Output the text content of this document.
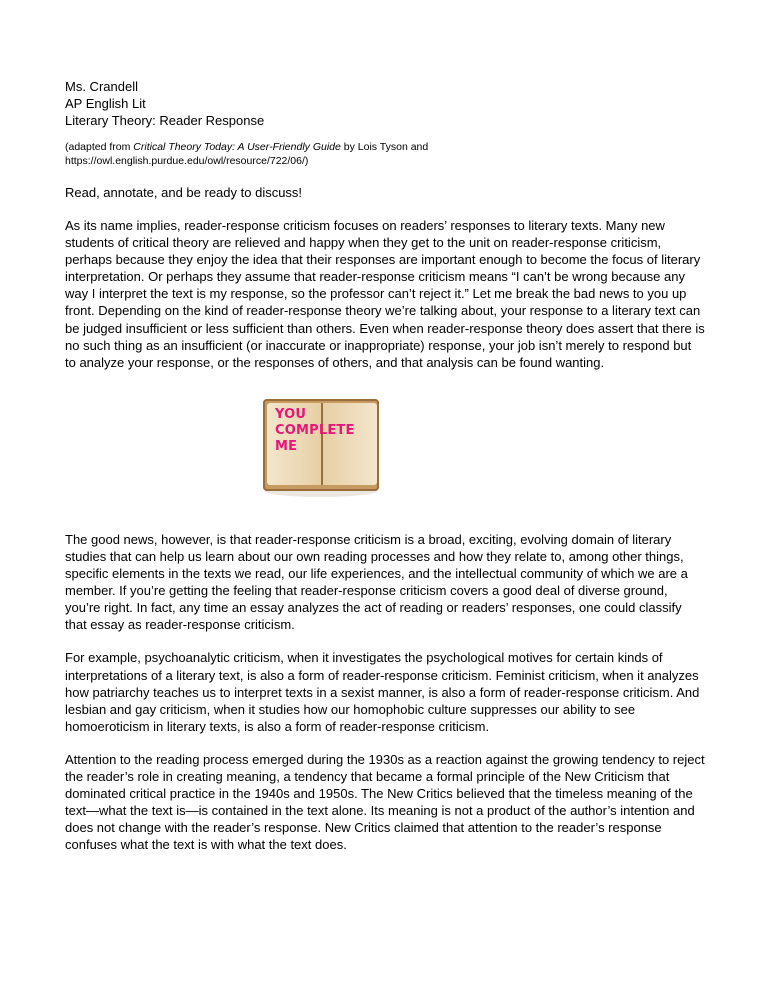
Ms. Crandell

AP English Lit

Literary Theory: Reader Response

(adapted from Critical Theory Today: A User-Friendly Guide by Lois Tyson and
https://owl.english.purdue.edu/owl/resource/722/06/)

Read, annotate, and be ready to discuss!

As its name implies, reader-response criticism focuses on readers’ responses to literary texts. Many new students of critical theory are relieved and happy when they get to the unit on reader-response criticism, perhaps because they enjoy the idea that their responses are important enough to become the focus of literary interpretation. Or perhaps they assume that reader-response criticism means “I can’t be wrong because any way I interpret the text is my response, so the professor can’t reject it.” Let me break the bad news to you up front. Depending on the kind of reader-response theory we’re talking about, your response to a literary text can be judged insufficient or less sufficient than others. Even when reader-response theory does assert that there is no such thing as an insufficient (or inaccurate or inappropriate) response, your job isn’t merely to respond but to analyze your response, or the responses of others, and that analysis can be found wanting.

YOU
COMPLETE
ME

The good news, however, is that reader-response criticism is a broad, exciting, evolving domain of literary studies that can help us learn about our own reading processes and how they relate to, among other things, specific elements in the texts we read, our life experiences, and the intellectual community of which we are a member. If you’re getting the feeling that reader-response criticism covers a good deal of diverse ground, you’re right. In fact, any time an essay analyzes the act of reading or readers’ responses, one could classify that essay as reader-response criticism.

For example, psychoanalytic criticism, when it investigates the psychological motives for certain kinds of interpretations of a literary text, is also a form of reader-response criticism. Feminist criticism, when it analyzes how patriarchy teaches us to interpret texts in a sexist manner, is also a form of reader-response criticism. And lesbian and gay criticism, when it studies how our homophobic culture suppresses our ability to see homoeroticism in literary texts, is also a form of reader-response criticism.

Attention to the reading process emerged during the 1930s as a reaction against the growing tendency to reject the reader’s role in creating meaning, a tendency that became a formal principle of the New Criticism that dominated critical practice in the 1940s and 1950s. The New Critics believed that the timeless meaning of the text—what the text is—is contained in the text alone. Its meaning is not a product of the author’s intention and does not change with the reader’s response. New Critics claimed that attention to the reader’s response confuses what the text is with what the text does.
